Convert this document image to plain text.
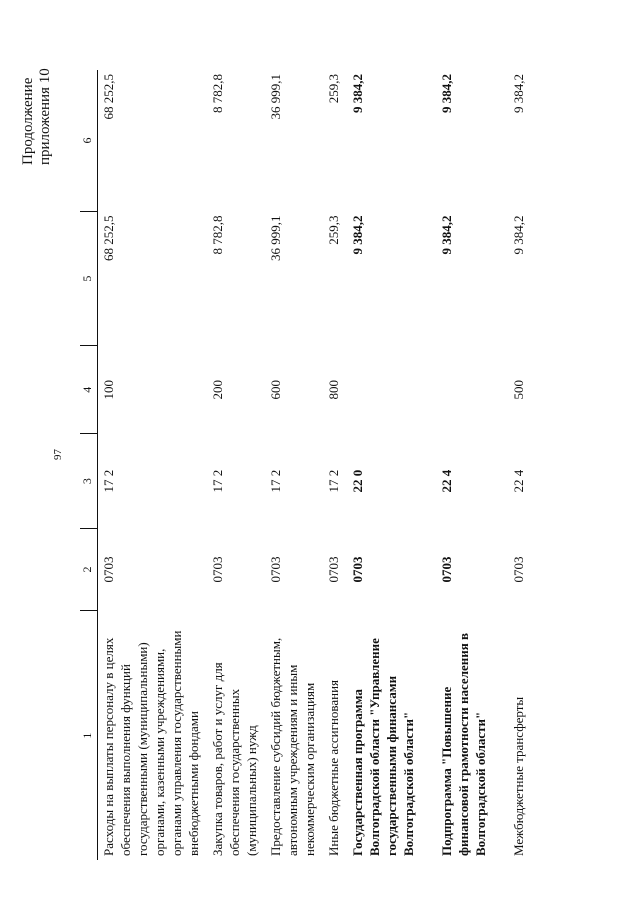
97
Продолжение приложения 10
1	2	3	4	5	6
Расходы на выплаты персоналу в целях обеспечения выполнения функций государственными (муниципальными) органами, казенными учреждениями, органами управления государственными внебюджетными фондами	0703	17 2	100	68 252,5	68 252,5
Закупка товаров, работ и услуг для обеспечения государственных (муниципальных) нужд	0703	17 2	200	8 782,8	8 782,8
Предоставление субсидий бюджетным, автономным учреждениям и иным некоммерческим организациям	0703	17 2	600	36 999,1	36 999,1
Иные бюджетные ассигнования	0703	17 2	800	259,3	259,3
Государственная программа Волгоградской области "Управление государственными финансами Волгоградской области"	0703	22 0		9 384,2	9 384,2
Подпрограмма "Повышение финансовой грамотности населения в Волгоградской области"	0703	22 4		9 384,2	9 384,2
Межбюджетные трансферты	0703	22 4	500	9 384,2	9 384,2
